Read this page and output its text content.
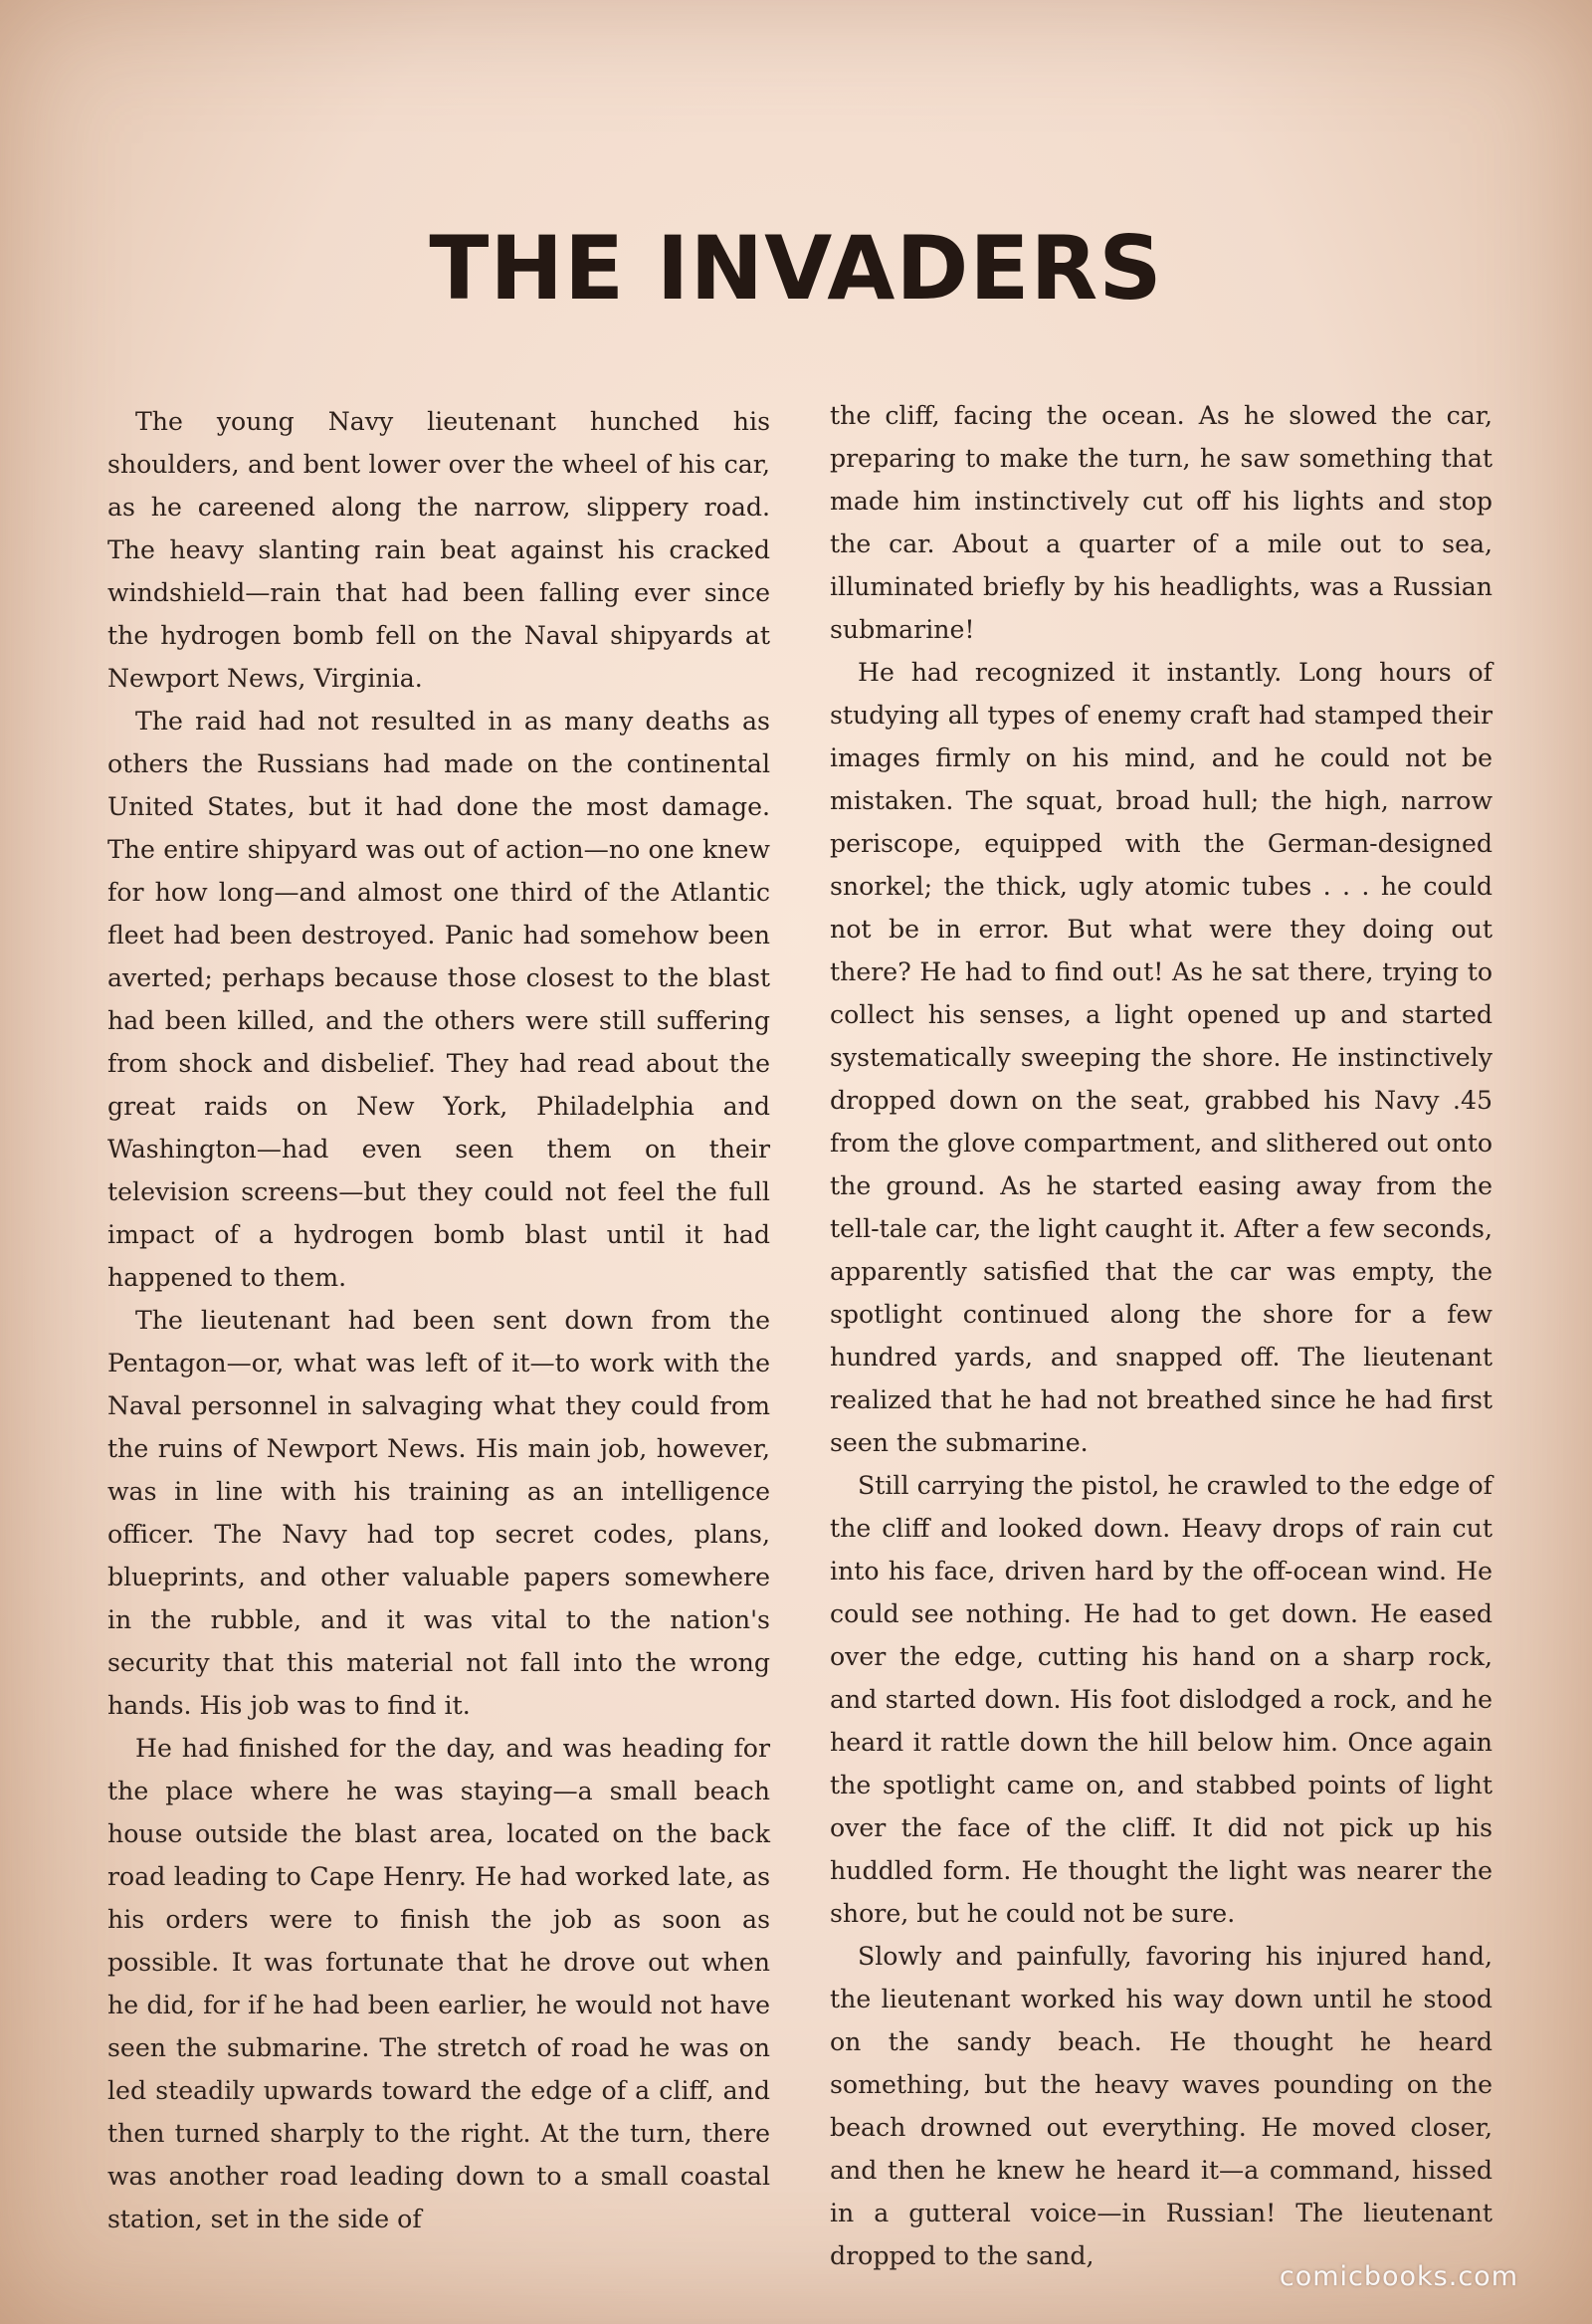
THE INVADERS

The young Navy lieutenant hunched his shoulders, and bent lower over the wheel of his car, as he careened along the narrow, slippery road. The heavy slanting rain beat against his cracked windshield—rain that had been falling ever since the hydrogen bomb fell on the Naval shipyards at Newport News, Virginia.

The raid had not resulted in as many deaths as others the Russians had made on the continental United States, but it had done the most damage. The entire shipyard was out of action—no one knew for how long—and almost one third of the Atlantic fleet had been destroyed. Panic had somehow been averted; perhaps because those closest to the blast had been killed, and the others were still suffering from shock and disbelief. They had read about the great raids on New York, Philadelphia and Washington—had even seen them on their television screens—but they could not feel the full impact of a hydrogen bomb blast until it had happened to them.

The lieutenant had been sent down from the Pentagon—or, what was left of it—to work with the Naval personnel in salvaging what they could from the ruins of Newport News. His main job, however, was in line with his training as an intelligence officer. The Navy had top secret codes, plans, blueprints, and other valuable papers somewhere in the rubble, and it was vital to the nation's security that this material not fall into the wrong hands. His job was to find it.

He had finished for the day, and was heading for the place where he was staying—a small beach house outside the blast area, located on the back road leading to Cape Henry. He had worked late, as his orders were to finish the job as soon as possible. It was fortunate that he drove out when he did, for if he had been earlier, he would not have seen the submarine. The stretch of road he was on led steadily upwards toward the edge of a cliff, and then turned sharply to the right. At the turn, there was another road leading down to a small coastal station, set in the side of

the cliff, facing the ocean. As he slowed the car, preparing to make the turn, he saw something that made him instinctively cut off his lights and stop the car. About a quarter of a mile out to sea, illuminated briefly by his headlights, was a Russian submarine!

He had recognized it instantly. Long hours of studying all types of enemy craft had stamped their images firmly on his mind, and he could not be mistaken. The squat, broad hull; the high, narrow periscope, equipped with the German-designed snorkel; the thick, ugly atomic tubes . . . he could not be in error. But what were they doing out there? He had to find out! As he sat there, trying to collect his senses, a light opened up and started systematically sweeping the shore. He instinctively dropped down on the seat, grabbed his Navy .45 from the glove compartment, and slithered out onto the ground. As he started easing away from the tell-tale car, the light caught it. After a few seconds, apparently satisfied that the car was empty, the spotlight continued along the shore for a few hundred yards, and snapped off. The lieutenant realized that he had not breathed since he had first seen the submarine.

Still carrying the pistol, he crawled to the edge of the cliff and looked down. Heavy drops of rain cut into his face, driven hard by the off-ocean wind. He could see nothing. He had to get down. He eased over the edge, cutting his hand on a sharp rock, and started down. His foot dislodged a rock, and he heard it rattle down the hill below him. Once again the spotlight came on, and stabbed points of light over the face of the cliff. It did not pick up his huddled form. He thought the light was nearer the shore, but he could not be sure.

Slowly and painfully, favoring his injured hand, the lieutenant worked his way down until he stood on the sandy beach. He thought he heard something, but the heavy waves pounding on the beach drowned out everything. He moved closer, and then he knew he heard it—a command, hissed in a gutteral voice—in Russian! The lieutenant dropped to the sand,

comicbooks.com
